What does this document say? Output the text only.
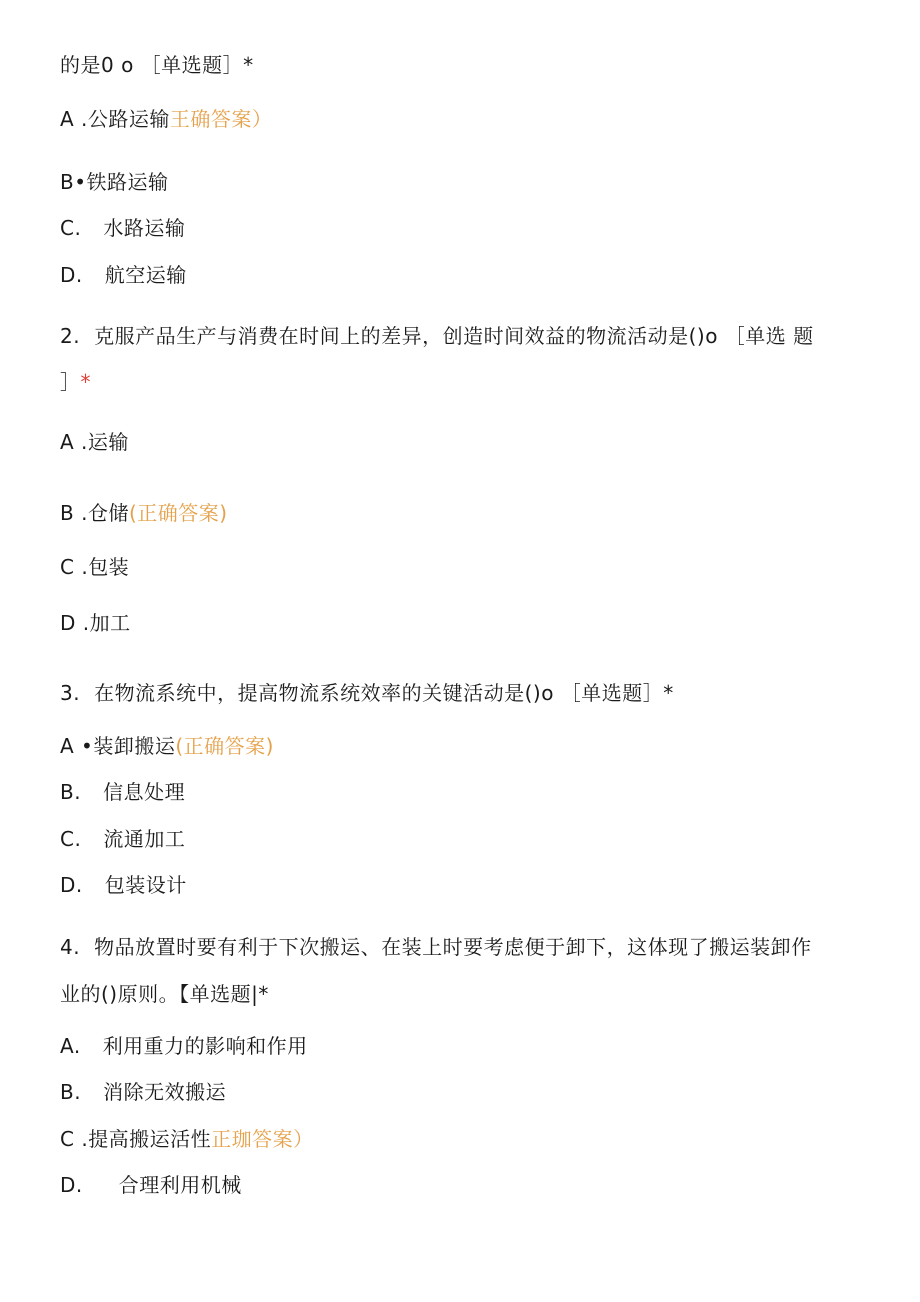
的是0 o ［单选题］*
A .公路运输王确答案）
B•铁路运输
C. 水路运输
D. 航空运输
2. 克服产品生产与消费在时间上的差异，创造时间效益的物流活动是()o ［单选 题
］*
A .运输
B .仓储(正确答案)
C .包装
D .加工
3. 在物流系统中，提高物流系统效率的关键活动是()o ［单选题］*
A •装卸搬运(正确答案)
B. 信息处理
C. 流通加工
D. 包装设计
4. 物品放置时要有利于下次搬运、在装上时要考虑便于卸下，这体现了搬运装卸作
业的()原则。【单选题|*
A. 利用重力的影响和作用
B. 消除无效搬运
C .提高搬运活性正珈答案）
D. 合理利用机械
